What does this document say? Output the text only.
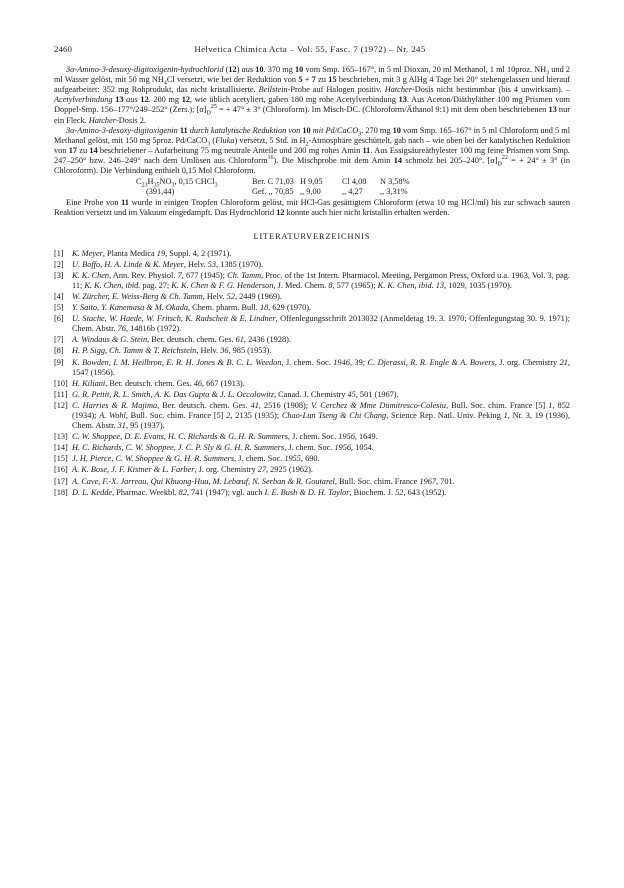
2460	Helvetica Chimica Acta – Vol. 55, Fasc. 7 (1972) – Nr. 245

3α-Amino-3-desoxy-digitoxigenin-hydrochlorid (12) aus 10. 370 mg 10 vom Smp. 165–167°, in 5 ml Dioxan, 20 ml Methanol, 1 ml 10proz. $NH_3$ und 2 ml Wasser gelöst, mit 50 mg $NH_4Cl$ versetzt, wie bei der Reduktion von 5 + 7 zu 15 beschrieben, mit 3 g AlHg 4 Tage bei 20° stehengelassen und hierauf aufgearbeitet: 352 mg Rohprodukt, das nicht kristallisierte. Beilstein-Probe auf Halogen positiv. Hatcher-Dosis nicht bestimmbar (bis 4 unwirksam). – Acetylverbindung 13 aus 12. 200 mg 12, wie üblich acetyliert, gaben 180 mg rohe Acetylverbindung 13. Aus Aceton/Diäthyläther 100 mg Prismen vom Doppel-Smp. 156–177°/249–252° (Zers.); $[\alpha]_D^{25}$ = + 47° ± 3° (Chloroform). Im Misch-DC. (Chloroform/Äthanol 9:1) mit dem oben beschriebenen 13 nur ein Fleck. Hatcher-Dosis 2.

3α-Amino-3-desoxy-digitoxigenin 11 durch katalytische Reduktion von 10 mit Pd/CaCO$_3$. 270 mg 10 vom Smp. 165–167° in 5 ml Chloroform und 5 ml Methanol gelöst, mit 150 mg 5proz. Pd/CaCO$_3$ (Fluka) versetzt, 5 Std. in $H_2$-Atmosphäre geschüttelt, gab nach – wie oben bei der katalytischen Reduktion von 17 zu 14 beschriebener – Aufarbeitung 75 mg neutrale Anteile und 200 mg rohes Amin 11. Aus Essigsäureäthylester 100 mg feine Prismen vom Smp. 247–250° bzw. 246–249° nach dem Umlösen aus Chloroform$^{16}$). Die Mischprobe mit dem Amin 14 schmolz bei 205–240°. $[\alpha]_D^{22}$ = + 24° ± 3° (in Chloroform). Die Verbindung enthielt 0,15 Mol Chloroform.

$C_{23}H_{35}NO_3$, 0,15 CHCl$_3$	Ber. C 71,03 H 9,05	Cl 4,08	N 3,58%
(391,44)	Gef. ,, 70,85 ,, 9,00	,, 4,27	,, 3,31%

Eine Probe von 11 wurde in einigen Tropfen Chloroform gelöst, mit HCl-Gas gesättigtem Chloroform (etwa 10 mg HCl/ml) bis zur schwach sauren Reaktion versetzt und im Vakuum eingedampft. Das Hydrochlorid 12 konnte auch hier nicht kristallin erhalten werden.

LITERATURVERZEICHNIS
[1]	K. Meyer, Planta Medica 19, Suppl. 4, 2 (1971).
[2]	U. Boffo, H. A. Linde & K. Meyer, Helv. 53, 1385 (1970).
[3]	K. K. Chen, Ann. Rev. Physiol. 7, 677 (1945); Ch. Tamm, Proc. of the 1st Intern. Pharmacol. Meeting, Pergamon Press, Oxford u.a. 1963, Vol. 3, pag. 11; K. K. Chen, ibid. pag. 27; K. K. Chen & F. G. Henderson, J. Med. Chem. 8, 577 (1965); K. K. Chen, ibid. 13, 1029, 1035 (1970).
[4]	W. Zürcher, E. Weiss-Berg & Ch. Tamm, Helv. 52, 2449 (1969).
[5]	Y. Saito, Y. Kanemasa & M. Okada, Chem. pharm. Bull. 18, 629 (1970).
[6]	U. Stache, W. Haede, W. Fritsch, K. Radscheit & E. Lindner, Offenlegungsschrift 2013032 (Anmeldetag 19. 3. 1970; Offenlegungstag 30. 9. 1971); Chem. Abstr. 76, 14816b (1972).
[7]	A. Windaus & G. Stein, Ber. deutsch. chem. Ges. 61, 2436 (1928).
[8]	H. P. Sigg, Ch. Tamm & T. Reichstein, Helv. 36, 985 (1953).
[9]	K. Bowden, I. M. Heilbron, E. R. H. Jones & B. C. L. Weedon, J. chem. Soc. 1946, 39; C. Djerassi, R. R. Engle & A. Bowers, J. org. Chemistry 21, 1547 (1956).
[10] H. Kiliani, Ber. deutsch. chem. Ges. 46, 667 (1913).
[11] G. R. Pettit, R. L. Smith, A. K. Das Gupta & J. L. Occolowitz, Canad. J. Chemistry 45, 501 (1967).
[12] C. Harries & R. Majima, Ber. deutsch. chem. Ges. 41, 2516 (1908); V. Cerchez & Mme Dumitresco-Colesiu, Bull. Soc. chim. France [5] 1, 852 (1934); A. Wohl, Bull. Soc. chim. France [5] 2, 2135 (1935); Chao-Lun Tseng & Chi Chang, Science Rep. Natl. Univ. Peking 1, Nr. 3, 19 (1936), Chem. Abstr. 31, 95 (1937).
[13] C. W. Shoppee, D. E. Evans, H. C. Richards & G. H. R. Summers, J. chem. Soc. 1956, 1649.
[14] H. C. Richards, C. W. Shoppee, J. C. P. Sly & G. H. R. Summers, J. chem. Soc. 1956, 1054.
[15] J. H. Pierce, C. W. Shoppee & G. H. R. Summers, J. chem. Soc. 1955, 690.
[16] A. K. Bose, J. F. Kistner & L. Farber, J. org. Chemistry 27, 2925 (1962).
[17] A. Cave, F.-X. Jarreau, Qui Khuong-Huu, M. Lebœuf, N. Serban & R. Goutarel, Bull. Soc. chim. France 1967, 701.
[18] D. L. Kedde, Pharmac. Weekbl. 82, 741 (1947); vgl. auch I. E. Bush & D. H. Taylor, Biochem. J. 52, 643 (1952).
